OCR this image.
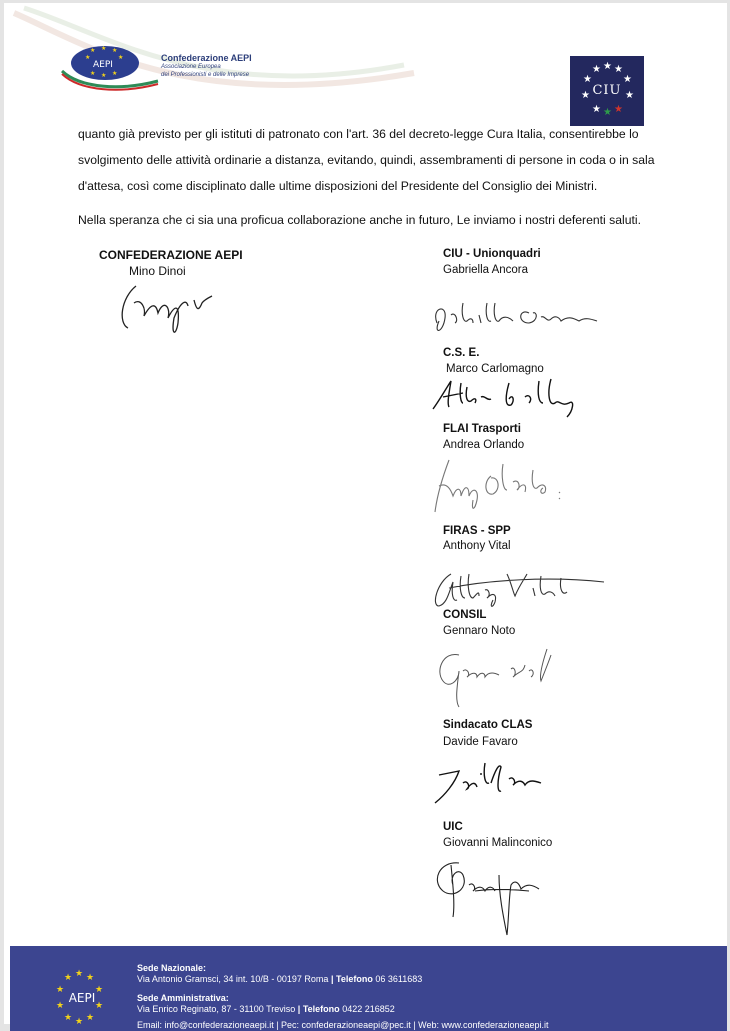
★ ★ ★
★	★
★ ★ ★
AEPI
Confederazione AEPI
Associazione Europea
dei Professionisti e delle Imprese	★ ★ ★
★	★
★	★
★ ★ ★
CIU
quanto già previsto per gli istituti di patronato con l'art. 36 del decreto-legge Cura Italia, consentirebbe lo svolgimento delle attività ordinarie a distanza, evitando, quindi, assembramenti di persone in coda o in sala d'attesa, così come disciplinato dalle ultime disposizioni del Presidente del Consiglio dei Ministri.
Nella speranza che ci sia una proficua collaborazione anche in futuro, Le inviamo i nostri deferenti saluti.
CONFEDERAZIONE AEPI
Mino Dinoi
CIU - Unionquadri
Gabriella Ancora
C.S. E.
Marco Carlomagno
FLAI Trasporti
Andrea Orlando
FIRAS - SPP
Anthony Vital
CONSIL
Gennaro Noto
Sindacato CLAS
Davide Favaro
UIC
Giovanni Malinconico
★ ★ ★
★	★
★	★
★ ★ ★
AEPI
Sede Nazionale:
Via Antonio Gramsci, 34 int. 10/B - 00197 Roma | Telefono 06 3611683
Sede Amministrativa:
Via Enrico Reginato, 87 - 31100 Treviso | Telefono 0422 216852
Email: info@confederazioneaepi.it | Pec: confederazioneaepi@pec.it | Web: www.confederazioneaepi.it
